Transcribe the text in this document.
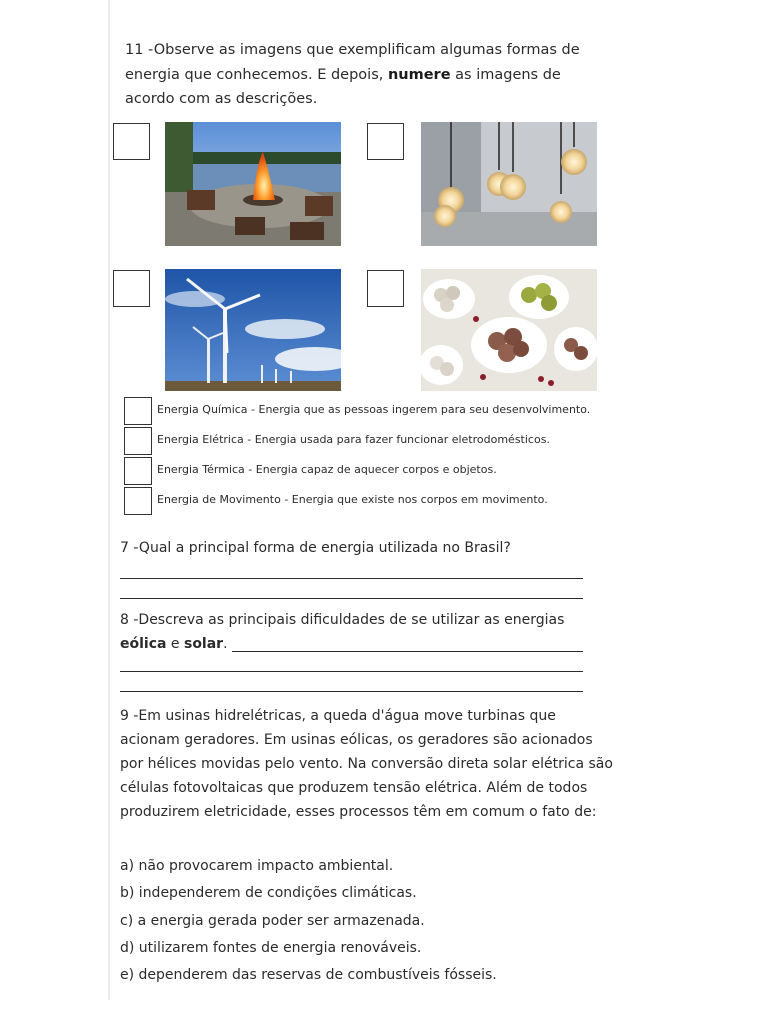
11 -Observe as imagens que exemplificam algumas formas de energia que conhecemos. E depois, numere as imagens de acordo com as descrições.
Energia Química - Energia que as pessoas ingerem para seu desenvolvimento.
Energia Elétrica - Energia usada para fazer funcionar eletrodomésticos.
Energia Térmica - Energia capaz de aquecer corpos e objetos.
Energia de Movimento - Energia que existe nos corpos em movimento.
7 -Qual a principal forma de energia utilizada no Brasil?
8 -Descreva as principais dificuldades de se utilizar as energias
eólica e solar.
9 -Em usinas hidrelétricas, a queda d'água move turbinas que acionam geradores. Em usinas eólicas, os geradores são acionados por hélices movidas pelo vento. Na conversão direta solar elétrica são células fotovoltaicas que produzem tensão elétrica. Além de todos produzirem eletricidade, esses processos têm em comum o fato de:
a) não provocarem impacto ambiental.
b) independerem de condições climáticas.
c) a energia gerada poder ser armazenada.
d) utilizarem fontes de energia renováveis.
e) dependerem das reservas de combustíveis fósseis.
